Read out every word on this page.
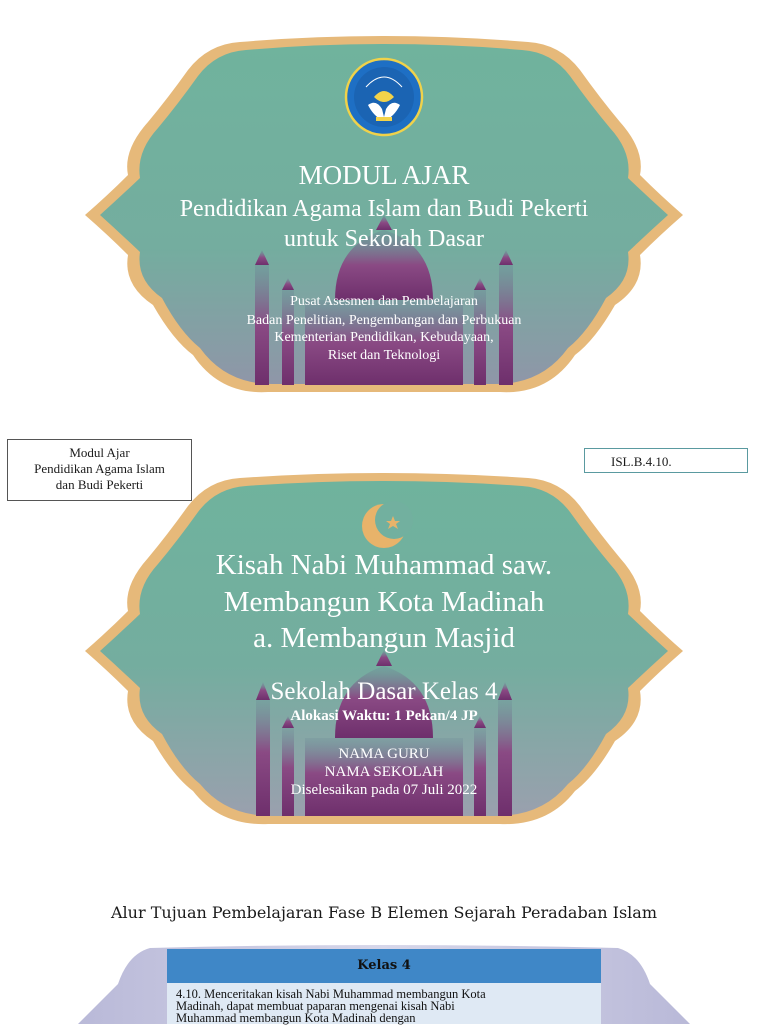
MODUL AJAR
Pendidikan Agama Islam dan Budi Pekerti
untuk Sekolah Dasar
Pusat Asesmen dan Pembelajaran
Badan Penelitian, Pengembangan dan Perbukuan
Kementerian Pendidikan, Kebudayaan,
Riset dan Teknologi
Modul Ajar
Pendidikan Agama Islam
dan Budi Pekerti
ISL.B.4.10.
Kisah Nabi Muhammad saw.
Membangun Kota Madinah
a. Membangun Masjid
Sekolah Dasar Kelas 4
Alokasi Waktu: 1 Pekan/4 JP
NAMA GURU
NAMA SEKOLAH
Diselesaikan pada 07 Juli 2022
Alur Tujuan Pembelajaran Fase B Elemen Sejarah Peradaban Islam
Kelas 4
4.10. Menceritakan kisah Nabi Muhammad membangun Kota
Madinah, dapat membuat paparan mengenai kisah Nabi
Muhammad membangun Kota Madinah dengan
